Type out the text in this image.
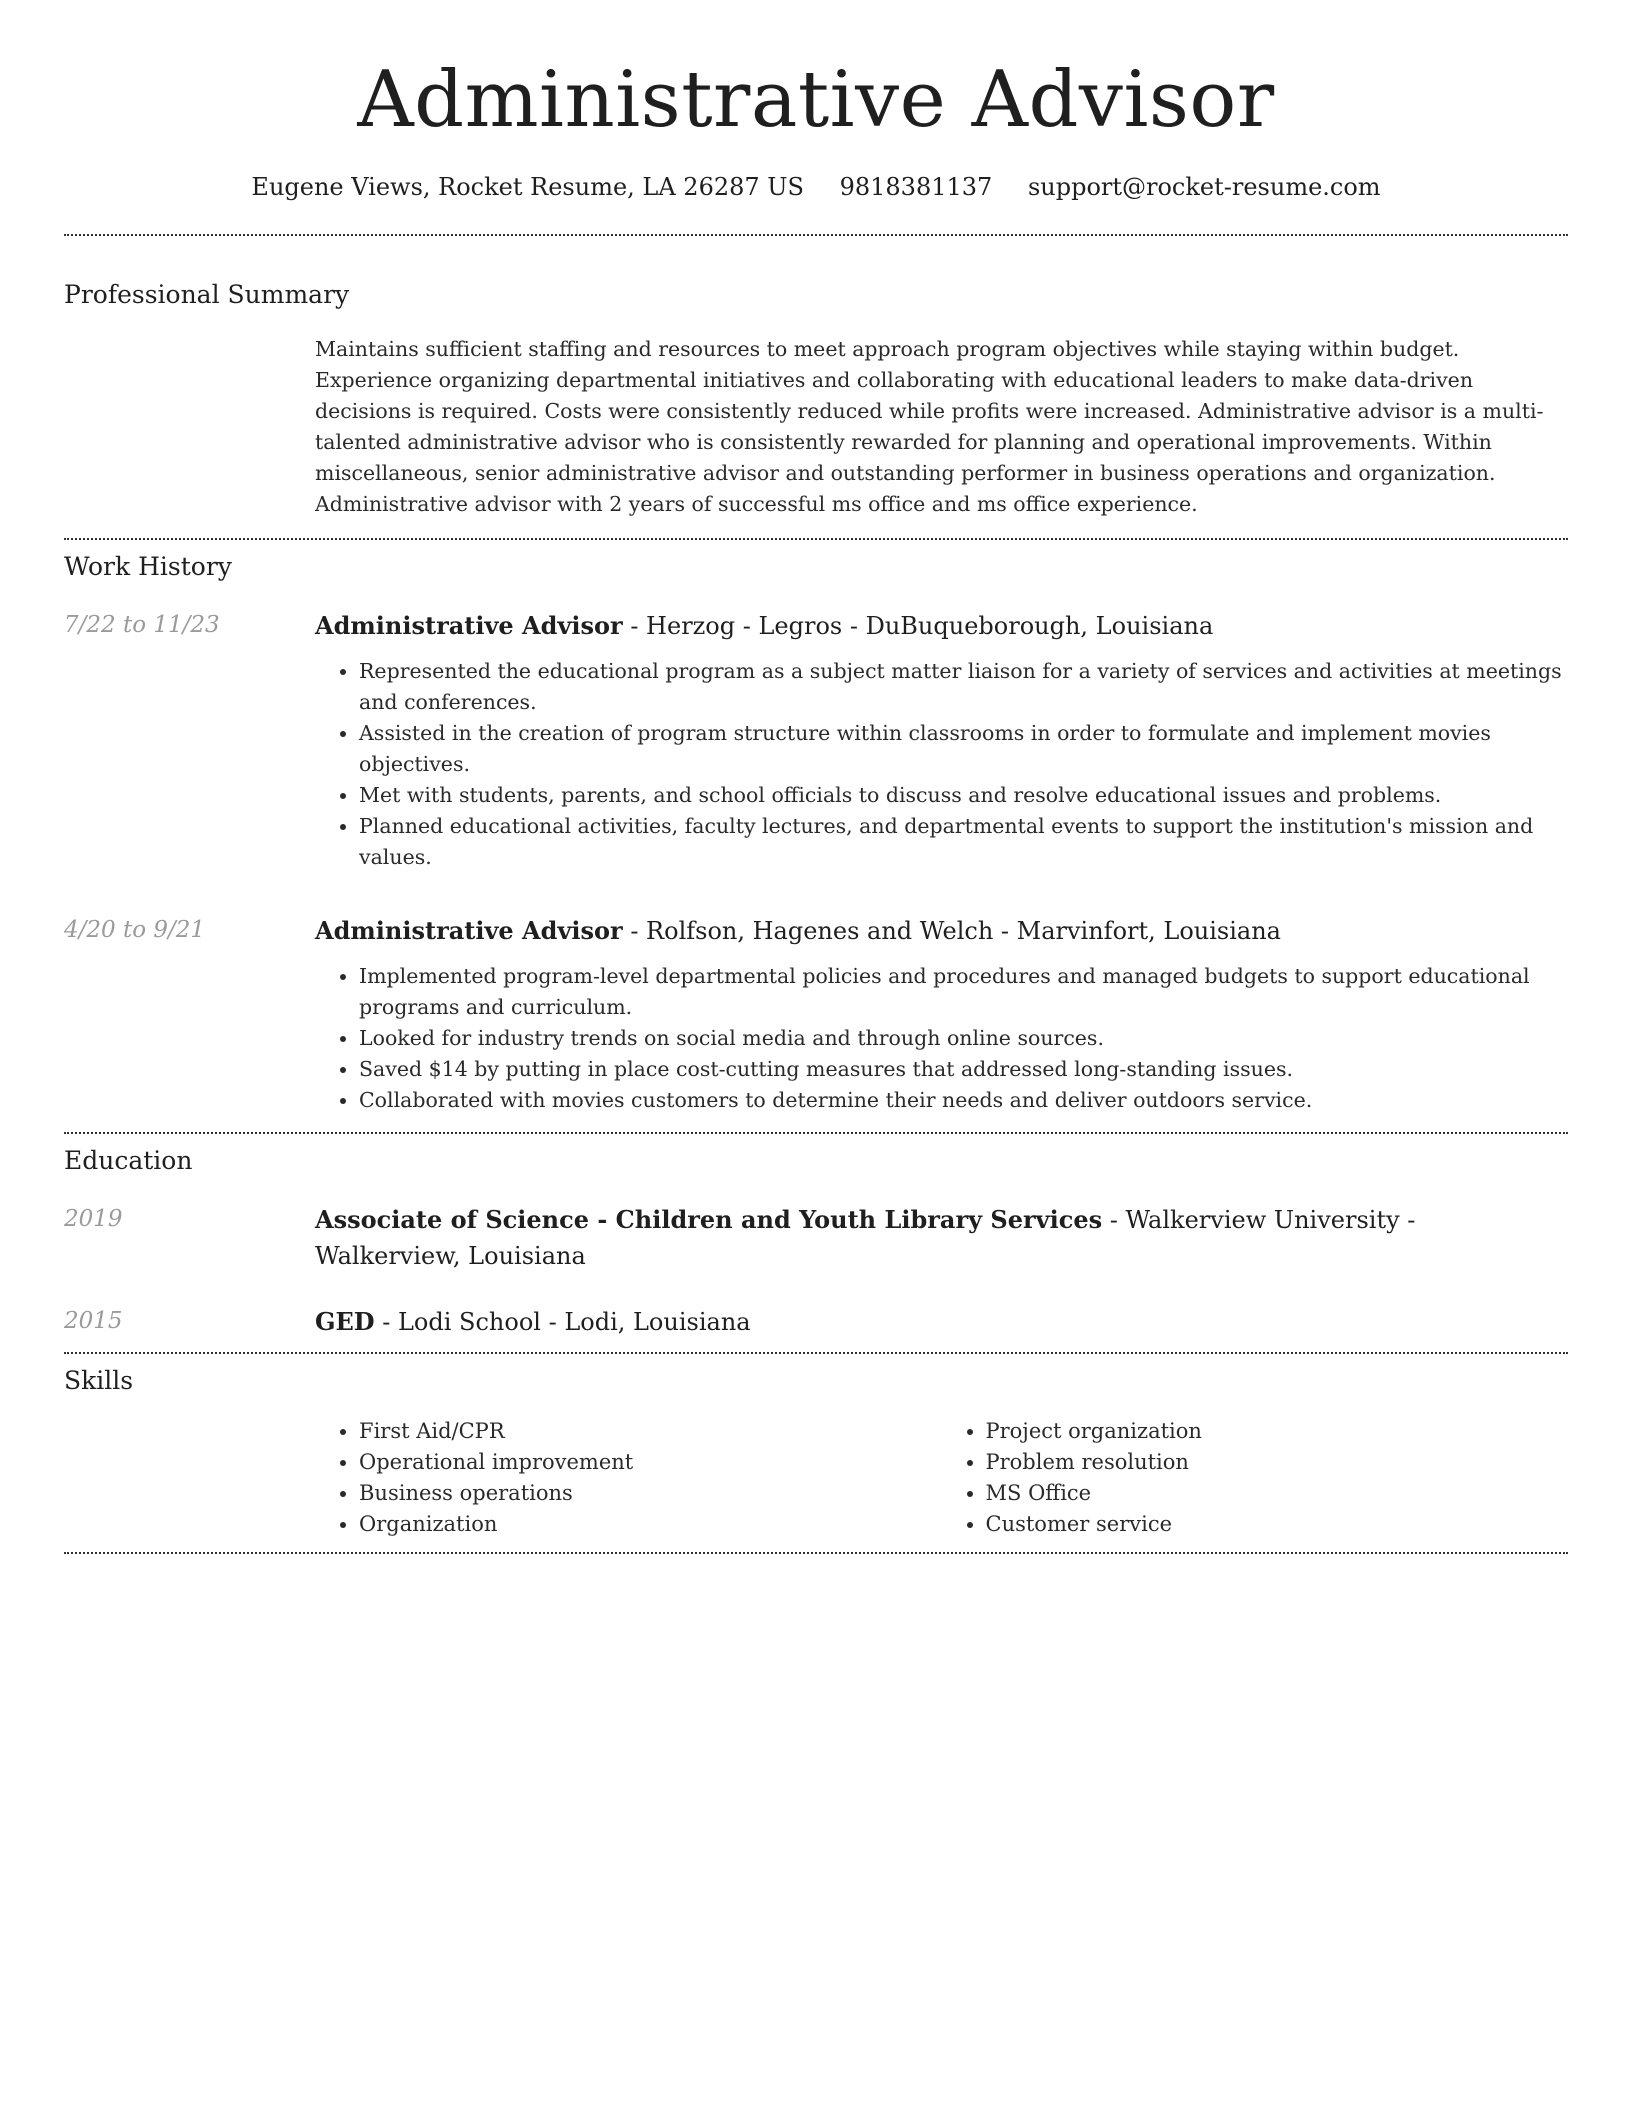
Administrative Advisor
Eugene Views, Rocket Resume, LA 26287 US 9818381137 support@rocket-resume.com
Professional Summary

Maintains sufficient staffing and resources to meet approach program objectives while staying within budget. Experience organizing departmental initiatives and collaborating with educational leaders to make data-driven decisions is required. Costs were consistently reduced while profits were increased. Administrative advisor is a multi-talented administrative advisor who is consistently rewarded for planning and operational improvements. Within miscellaneous, senior administrative advisor and outstanding performer in business operations and organization. Administrative advisor with 2 years of successful ms office and ms office experience.

Work History
7/22 to 11/23	Administrative Advisor - Herzog - Legros - DuBuqueborough, Louisiana
• Represented the educational program as a subject matter liaison for a variety of services and activities at meetings and conferences.
• Assisted in the creation of program structure within classrooms in order to formulate and implement movies objectives.
• Met with students, parents, and school officials to discuss and resolve educational issues and problems.
• Planned educational activities, faculty lectures, and departmental events to support the institution's mission and values.
4/20 to 9/21	Administrative Advisor - Rolfson, Hagenes and Welch - Marvinfort, Louisiana
• Implemented program-level departmental policies and procedures and managed budgets to support educational programs and curriculum.
• Looked for industry trends on social media and through online sources.
• Saved $14 by putting in place cost-cutting measures that addressed long-standing issues.
• Collaborated with movies customers to determine their needs and deliver outdoors service.
Education
2019	Associate of Science - Children and Youth Library Services - Walkerview University - Walkerview, Louisiana
2015	GED - Lodi School - Lodi, Louisiana
Skills
• First Aid/CPR
• Operational improvement
• Business operations
• Organization
• Project organization
• Problem resolution
• MS Office
• Customer service
